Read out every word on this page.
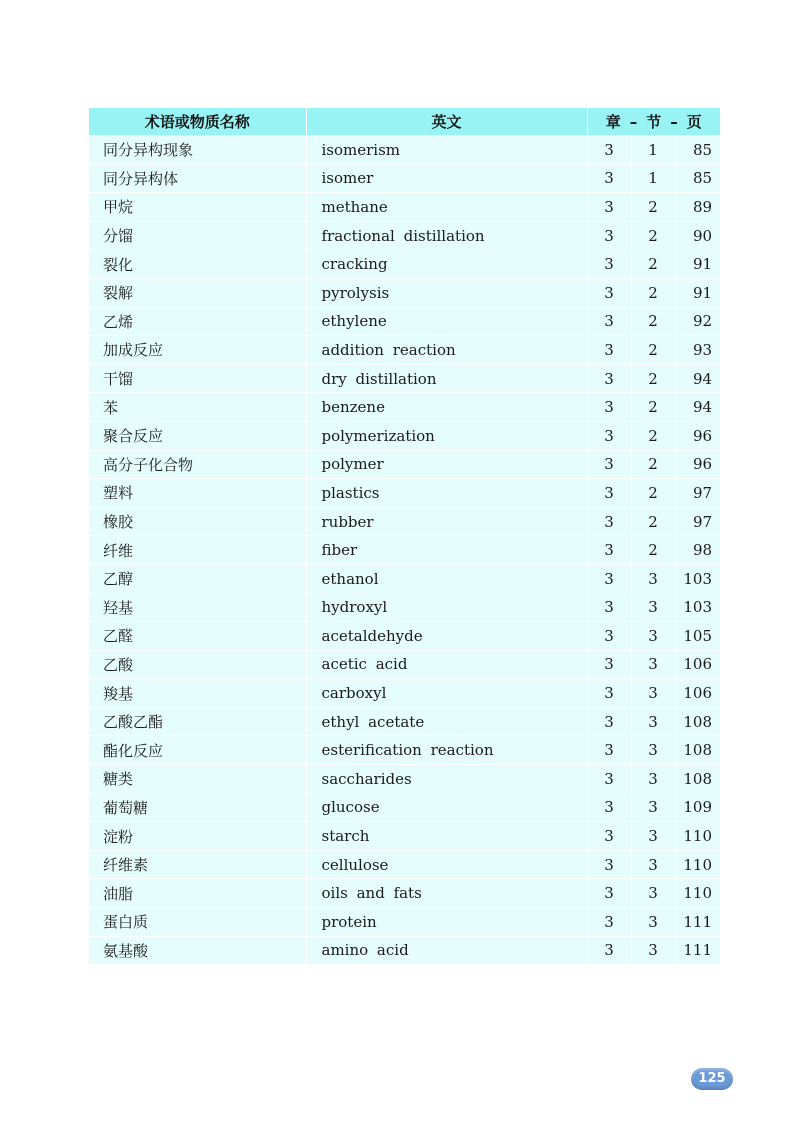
术语或物质名称	英文	章 – 节 – 页		
同分异构现象	isomerism	3	1	85
同分异构体	isomer	3	1	85
甲烷	methane	3	2	89
分馏	fractional distillation	3	2	90
裂化	cracking	3	2	91
裂解	pyrolysis	3	2	91
乙烯	ethylene	3	2	92
加成反应	addition reaction	3	2	93
干馏	dry distillation	3	2	94
苯	benzene	3	2	94
聚合反应	polymerization	3	2	96
高分子化合物	polymer	3	2	96
塑料	plastics	3	2	97
橡胶	rubber	3	2	97
纤维	fiber	3	2	98
乙醇	ethanol	3	3	103
羟基	hydroxyl	3	3	103
乙醛	acetaldehyde	3	3	105
乙酸	acetic acid	3	3	106
羧基	carboxyl	3	3	106
乙酸乙酯	ethyl acetate	3	3	108
酯化反应	esterification reaction	3	3	108
糖类	saccharides	3	3	108
葡萄糖	glucose	3	3	109
淀粉	starch	3	3	110
纤维素	cellulose	3	3	110
油脂	oils and fats	3	3	110
蛋白质	protein	3	3	111
氨基酸	amino acid	3	3	111
125
